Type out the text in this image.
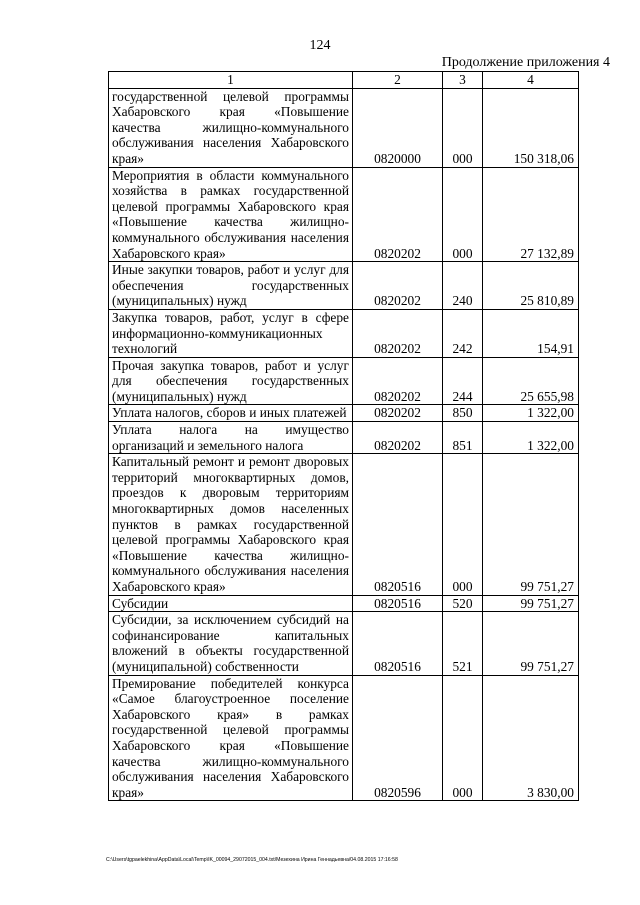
124
Продолжение приложения 4
1	2	3	4
государственной целевой программы Хабаровского края «Повышение качества жилищно-коммунального обслуживания населения Хабаровского края»	0820000	000	150 318,06
Мероприятия в области коммунального хозяйства в рамках государственной целевой программы Хабаровского края «Повышение качества жилищно-коммунального обслуживания населения Хабаровского края»	0820202	000	27 132,89
Иные закупки товаров, работ и услуг для обеспечения государственных (муниципальных) нужд	0820202	240	25 810,89
Закупка товаров, работ, услуг в сфере информационно-коммуникационных технологий	0820202	242	154,91
Прочая закупка товаров, работ и услуг для обеспечения государственных (муниципальных) нужд	0820202	244	25 655,98
Уплата налогов, сборов и иных платежей	0820202	850	1 322,00
Уплата налога на имущество организаций и земельного налога	0820202	851	1 322,00
Капитальный ремонт и ремонт дворовых территорий многоквартирных домов, проездов к дворовым территориям многоквартирных домов населенных пунктов в рамках государственной целевой программы Хабаровского края «Повышение качества жилищно-коммунального обслуживания населения Хабаровского края»	0820516	000	99 751,27
Субсидии	0820516	520	99 751,27
Субсидии, за исключением субсидий на софинансирование капитальных вложений в объекты государственной (муниципальной) собственности	0820516	521	99 751,27
Премирование победителей конкурса «Самое благоустроенное поселение Хабаровского края» в рамках государственной целевой программы Хабаровского края «Повышение качества жилищно-коммунального обслуживания населения Хабаровского края»	0820596	000	3 830,00
C:\Users\tgpaelekhina\AppData\Local\Temp\IK_00094_29072015_004.txt/Мезехина Ирина Геннадьевна/04.08.2015 17:16:58
